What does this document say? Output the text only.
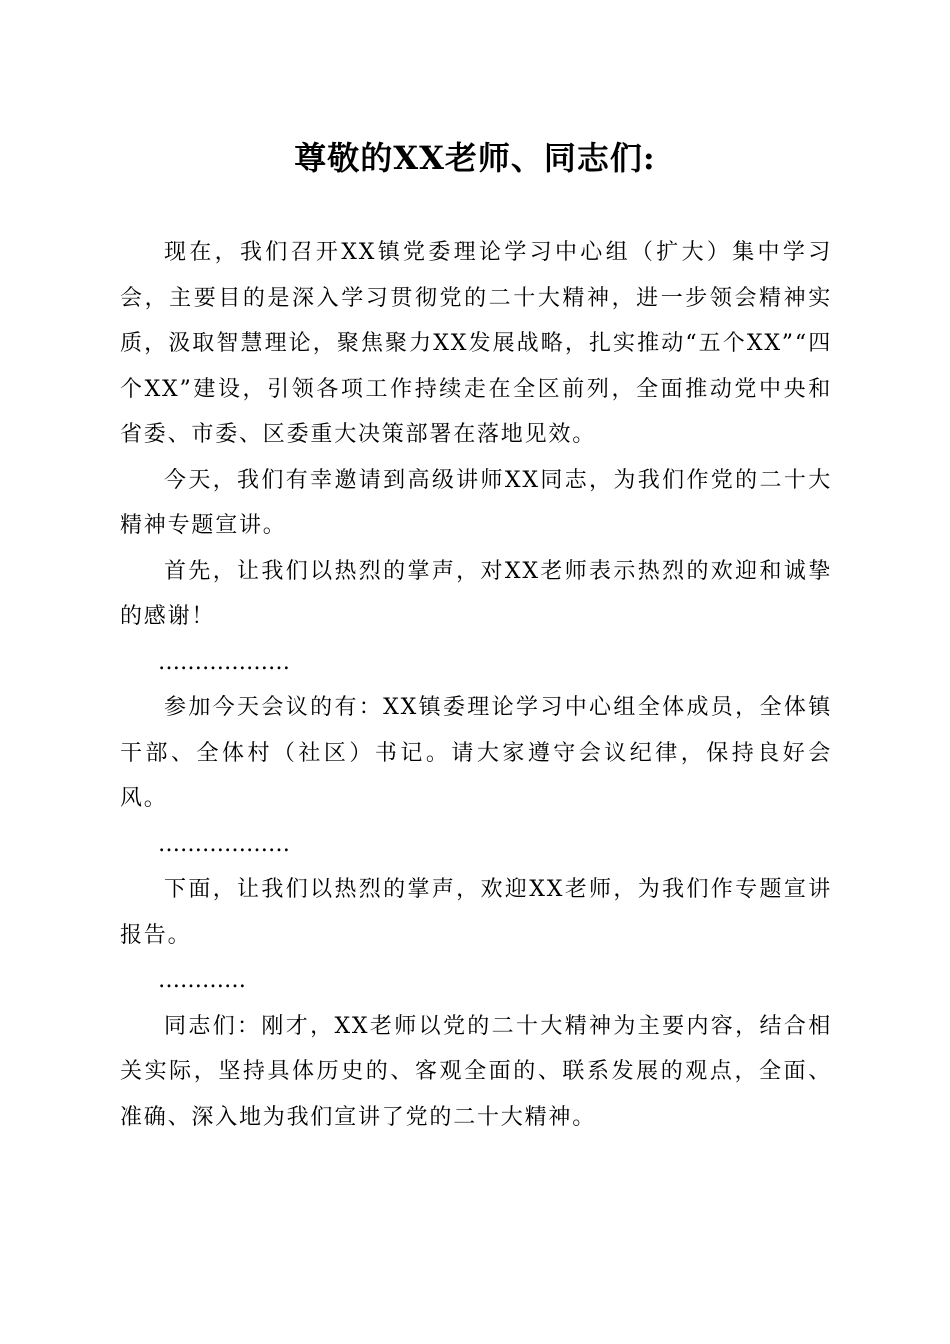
尊敬的XX老师、同志们:

现在，我们召开XX镇党委理论学习中心组（扩大）集中学习会，主要目的是深入学习贯彻党的二十大精神，进一步领会精神实质，汲取智慧理论，聚焦聚力XX发展战略，扎实推动“五个XX”“四个XX”建设，引领各项工作持续走在全区前列，全面推动党中央和省委、市委、区委重大决策部署在落地见效。

今天，我们有幸邀请到高级讲师XX同志，为我们作党的二十大精神专题宣讲。

首先，让我们以热烈的掌声，对XX老师表示热烈的欢迎和诚挚的感谢！

………………

参加今天会议的有：XX镇委理论学习中心组全体成员，全体镇干部、全体村（社区）书记。请大家遵守会议纪律，保持良好会风。

………………

下面，让我们以热烈的掌声，欢迎XX老师，为我们作专题宣讲报告。

…………

同志们：刚才，XX老师以党的二十大精神为主要内容，结合相关实际，坚持具体历史的、客观全面的、联系发展的观点，全面、准确、深入地为我们宣讲了党的二十大精神。
